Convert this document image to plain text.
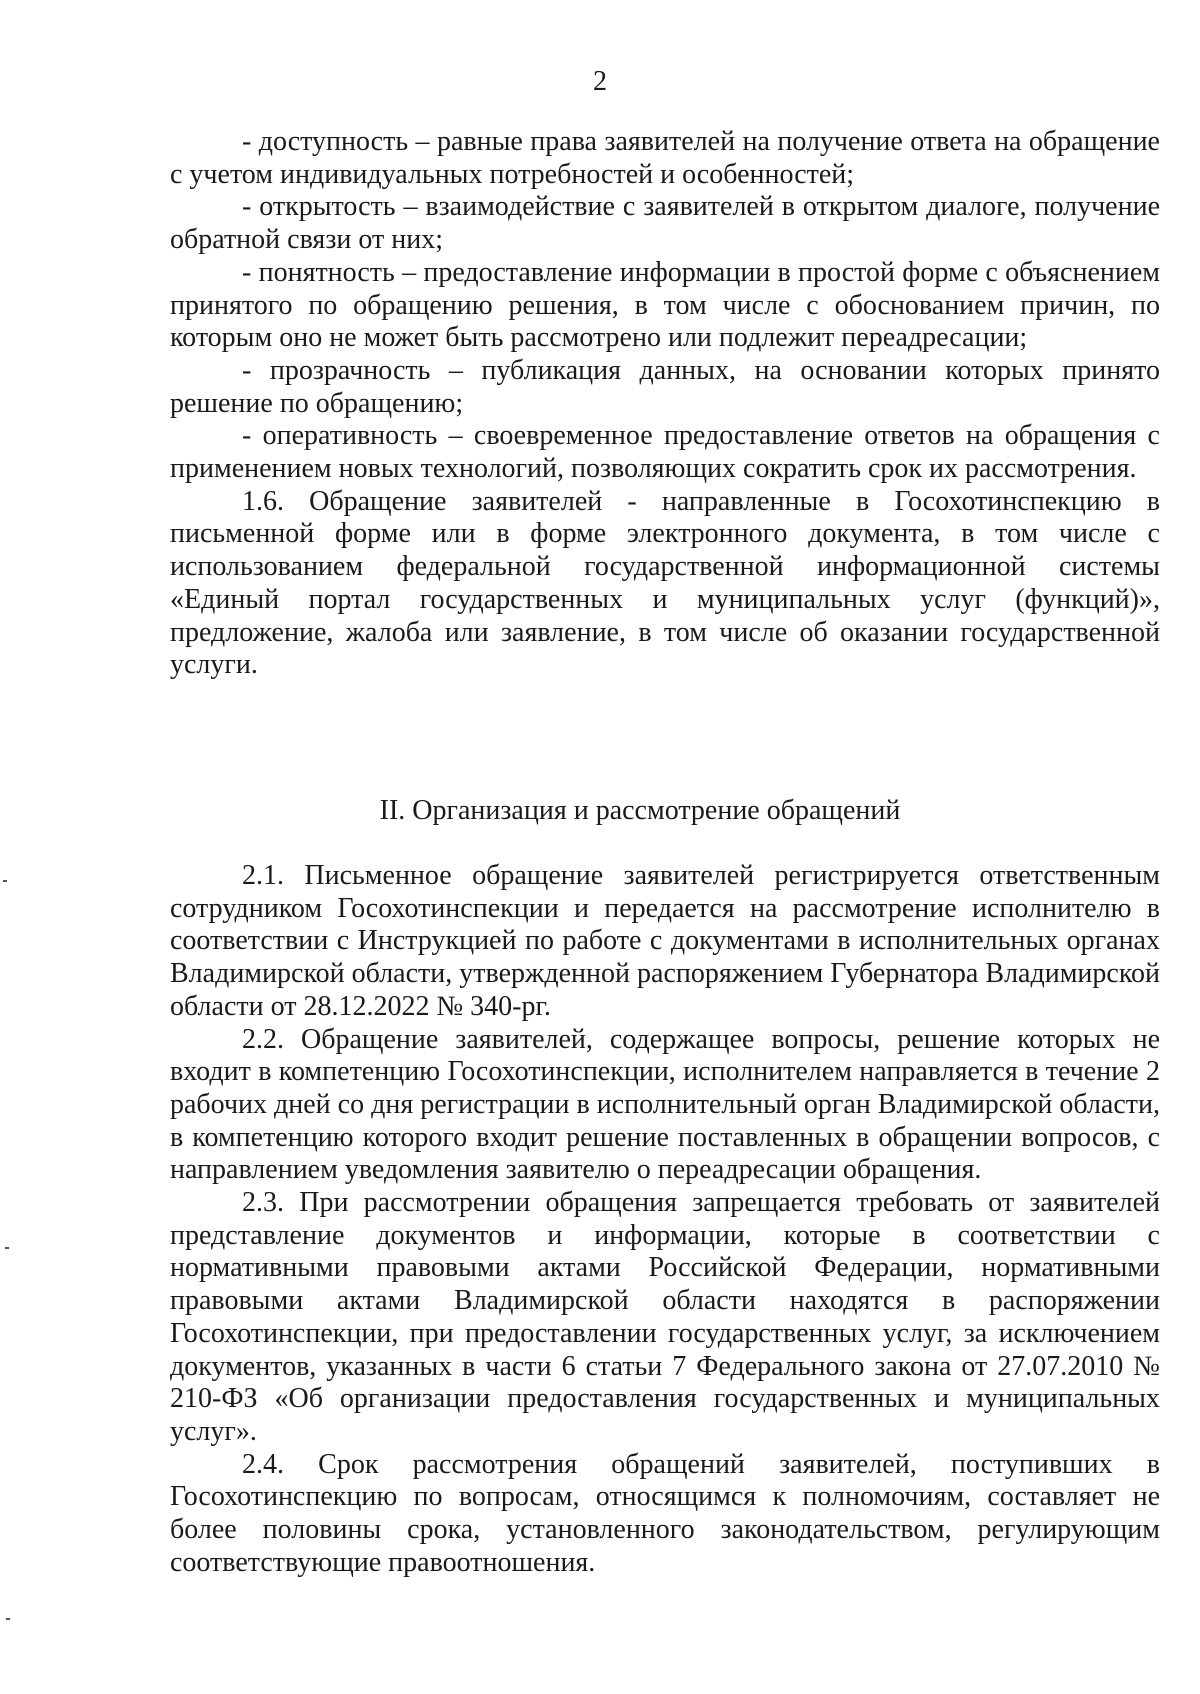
2

- доступность – равные права заявителей на получение ответа на обращение с учетом индивидуальных потребностей и особенностей;

- открытость – взаимодействие с заявителей в открытом диалоге, получение обратной связи от них;

- понятность – предоставление информации в простой форме с объяснением принятого по обращению решения, в том числе с обоснованием причин, по которым оно не может быть рассмотрено или подлежит переадресации;

- прозрачность – публикация данных, на основании которых принято решение по обращению;

- оперативность – своевременное предоставление ответов на обращения с применением новых технологий, позволяющих сократить срок их рассмотрения.

1.6. Обращение заявителей - направленные в Госохотинспекцию в письменной форме или в форме электронного документа, в том числе с использованием федеральной государственной информационной системы «Единый портал государственных и муниципальных услуг (функций)», предложение, жалоба или заявление, в том числе об оказании государственной услуги.

II. Организация и рассмотрение обращений

2.1. Письменное обращение заявителей регистрируется ответственным сотрудником Госохотинспекции и передается на рассмотрение исполнителю в соответствии с Инструкцией по работе с документами в исполнительных органах Владимирской области, утвержденной распоряжением Губернатора Владимирской области от 28.12.2022 № 340-рг.

2.2. Обращение заявителей, содержащее вопросы, решение которых не входит в компетенцию Госохотинспекции, исполнителем направляется в течение 2 рабочих дней со дня регистрации в исполнительный орган Владимирской области, в компетенцию которого входит решение поставленных в обращении вопросов, с направлением уведомления заявителю о переадресации обращения.

2.3. При рассмотрении обращения запрещается требовать от заявителей представление документов и информации, которые в соответствии с нормативными правовыми актами Российской Федерации, нормативными правовыми актами Владимирской области находятся в распоряжении Госохотинспекции, при предоставлении государственных услуг, за исключением документов, указанных в части 6 статьи 7 Федерального закона от 27.07.2010 № 210-ФЗ «Об организации предоставления государственных и муниципальных услуг».

2.4. Срок рассмотрения обращений заявителей, поступивших в Госохотинспекцию по вопросам, относящимся к полномочиям, составляет не более половины срока, установленного законодательством, регулирующим соответствующие правоотношения.
